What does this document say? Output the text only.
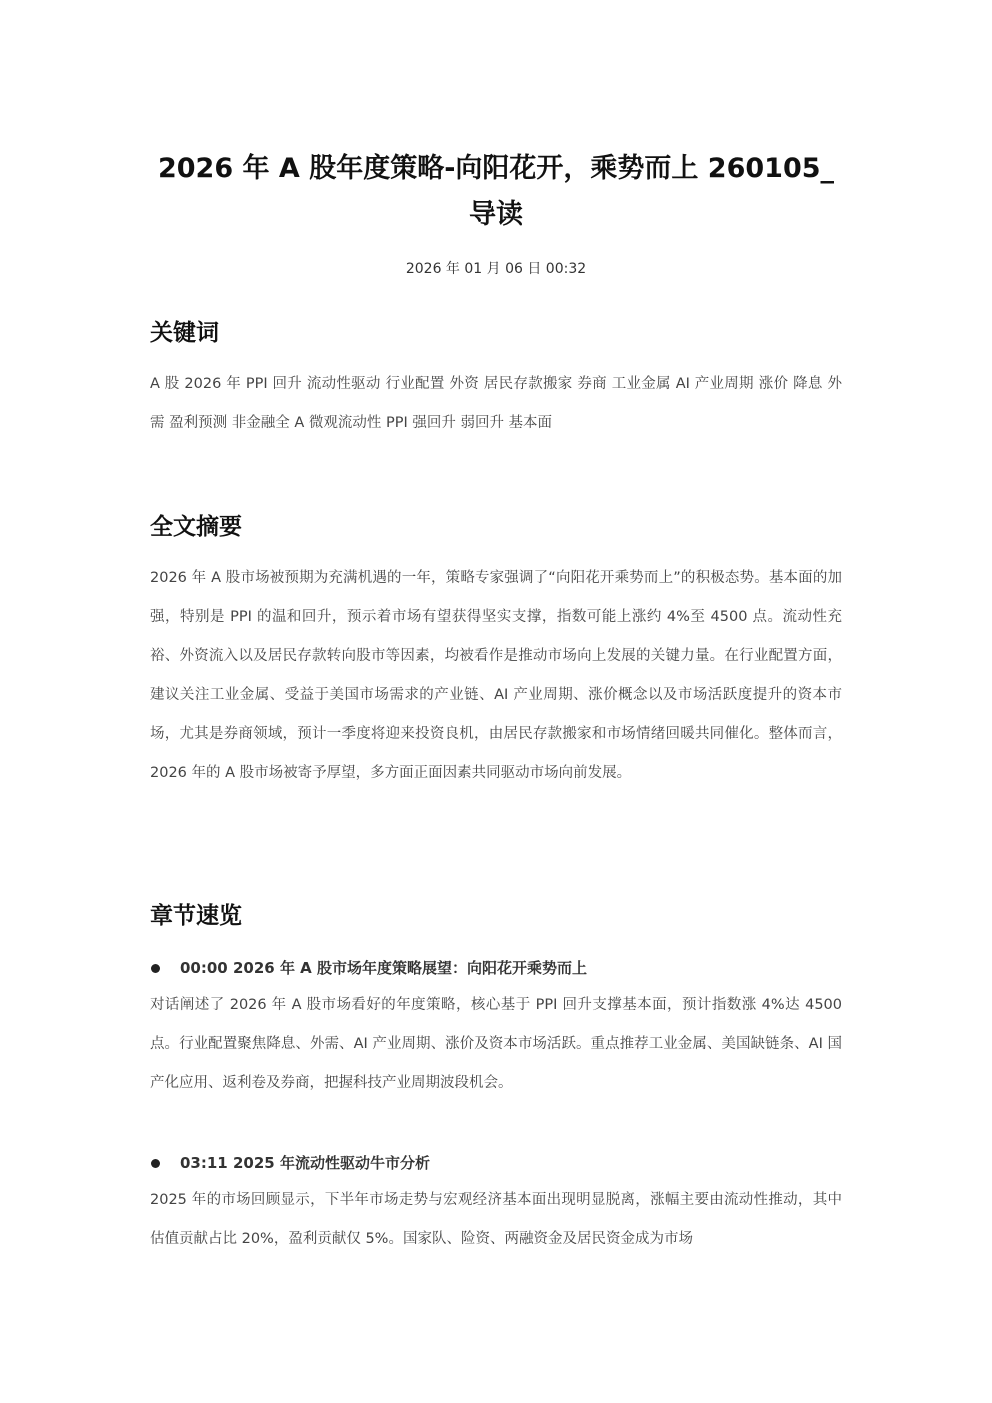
2026 年 A 股年度策略-向阳花开，乘势而上 260105_导读
2026 年 01 月 06 日 00:32
关键词
A 股 2026 年 PPI 回升 流动性驱动 行业配置 外资 居民存款搬家 券商 工业金属 AI 产业周期 涨价 降息 外需 盈利预测 非金融全 A 微观流动性 PPI 强回升 弱回升 基本面
全文摘要
2026 年 A 股市场被预期为充满机遇的一年，策略专家强调了“向阳花开乘势而上”的积极态势。基本面的加强，特别是 PPI 的温和回升，预示着市场有望获得坚实支撑，指数可能上涨约 4%至 4500 点。流动性充裕、外资流入以及居民存款转向股市等因素，均被看作是推动市场向上发展的关键力量。在行业配置方面，建议关注工业金属、受益于美国市场需求的产业链、AI 产业周期、涨价概念以及市场活跃度提升的资本市场，尤其是券商领域，预计一季度将迎来投资良机，由居民存款搬家和市场情绪回暖共同催化。整体而言，2026 年的 A 股市场被寄予厚望，多方面正面因素共同驱动市场向前发展。
章节速览
00:00 2026 年 A 股市场年度策略展望：向阳花开乘势而上
对话阐述了 2026 年 A 股市场看好的年度策略，核心基于 PPI 回升支撑基本面，预计指数涨 4%达 4500 点。行业配置聚焦降息、外需、AI 产业周期、涨价及资本市场活跃。重点推荐工业金属、美国缺链条、AI 国产化应用、返利卷及券商，把握科技产业周期波段机会。
03:11 2025 年流动性驱动牛市分析
2025 年的市场回顾显示，下半年市场走势与宏观经济基本面出现明显脱离，涨幅主要由流动性推动，其中估值贡献占比 20%，盈利贡献仅 5%。国家队、险资、两融资金及居民资金成为市场
